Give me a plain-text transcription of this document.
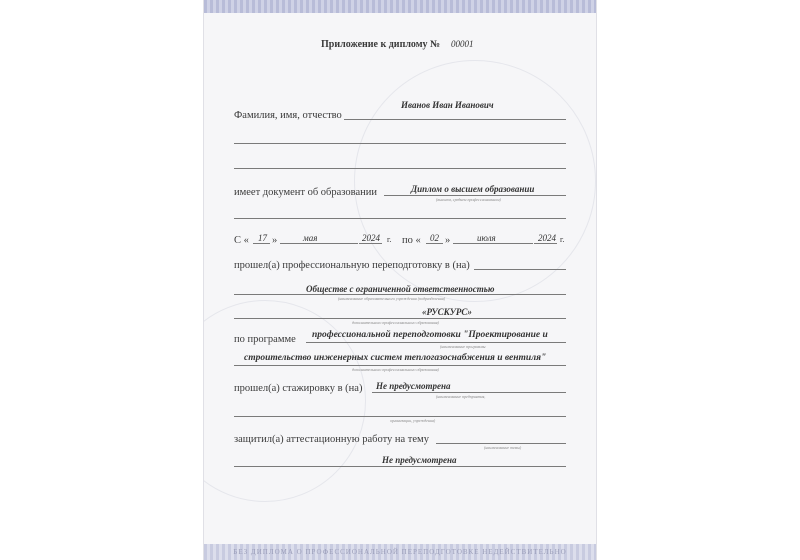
Приложение к диплому № 00001
Иванов Иван Иванович
Фамилия, имя, отчество
Диплом о высшем образовании
имеет документ об образовании
(высшем, среднем профессиональном)
С « 17 »	мая	2024 г. по « 02 »	июля	2024 г.
прошел(а) профессиональную переподготовку в (на)
Обществе с ограниченной ответственностью
(наименование образовательного учреждения (подразделения)
«РУСКУРС»
дополнительного профессионального образования)
по программе профессиональной переподготовки "Проектирование и
(наименование программы
строительство инженерных систем теплогазоснабжения и вентиля"
дополнительного профессионального образования)
прошел(а) стажировку в (на) Не предусмотрена
(наименование предприятия,
организации, учреждения)
защитил(а) аттестационную работу на тему
(наименование темы)
Не предусмотрена
БЕЗ ДИПЛОМА О ПРОФЕССИОНАЛЬНОЙ ПЕРЕПОДГОТОВКЕ НЕДЕЙСТВИТЕЛЬНО
